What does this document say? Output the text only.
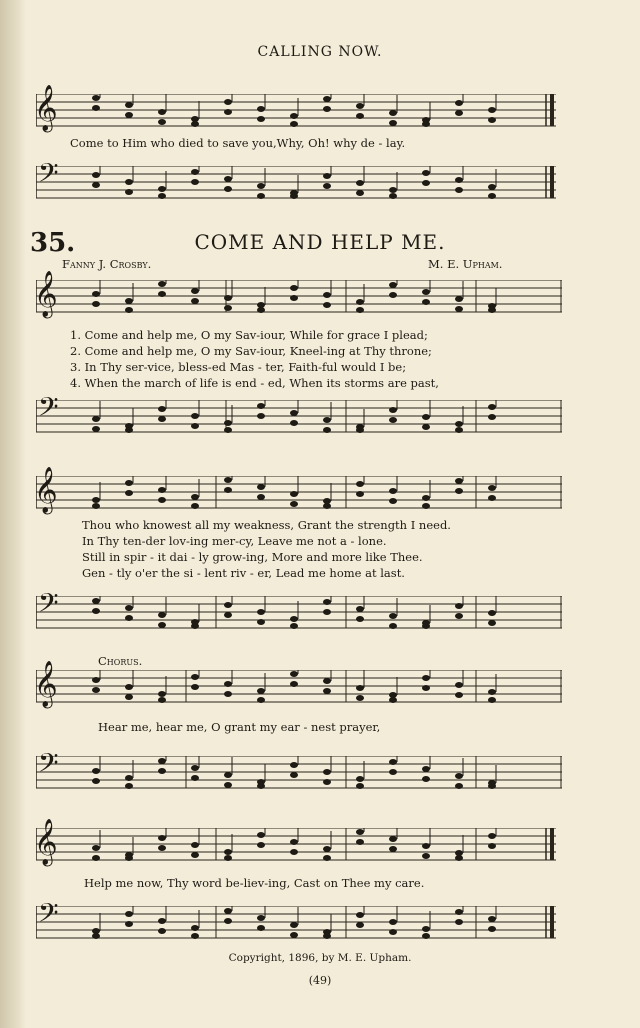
CALLING NOW.
𝄞
Come to Him who died to save you,Why, Oh! why de - lay.
𝄢
35.	COME AND HELP ME.
Fanny J. Crosby.	M. E. Upham.
𝄞
1. Come and help me, O my Sav-iour, While for grace I plead;
2. Come and help me, O my Sav-iour, Kneel-ing at Thy throne;
3. In Thy ser-vice, bless-ed Mas - ter, Faith-ful would I be;
4. When the march of life is end - ed, When its storms are past,
𝄢
𝄞
Thou who knowest all my weakness, Grant the strength I need.
In Thy ten-der lov-ing mer-cy, Leave me not a - lone.
Still in spir - it dai - ly grow-ing, More and more like Thee.
Gen - tly o'er the si - lent riv - er, Lead me home at last.
𝄢
Chorus.
𝄞
Hear me, hear me, O grant my ear - nest prayer,
𝄢
𝄞
Help me now, Thy word be-liev-ing, Cast on Thee my care.
𝄢
Copyright, 1896, by M. E. Upham.
(49)
